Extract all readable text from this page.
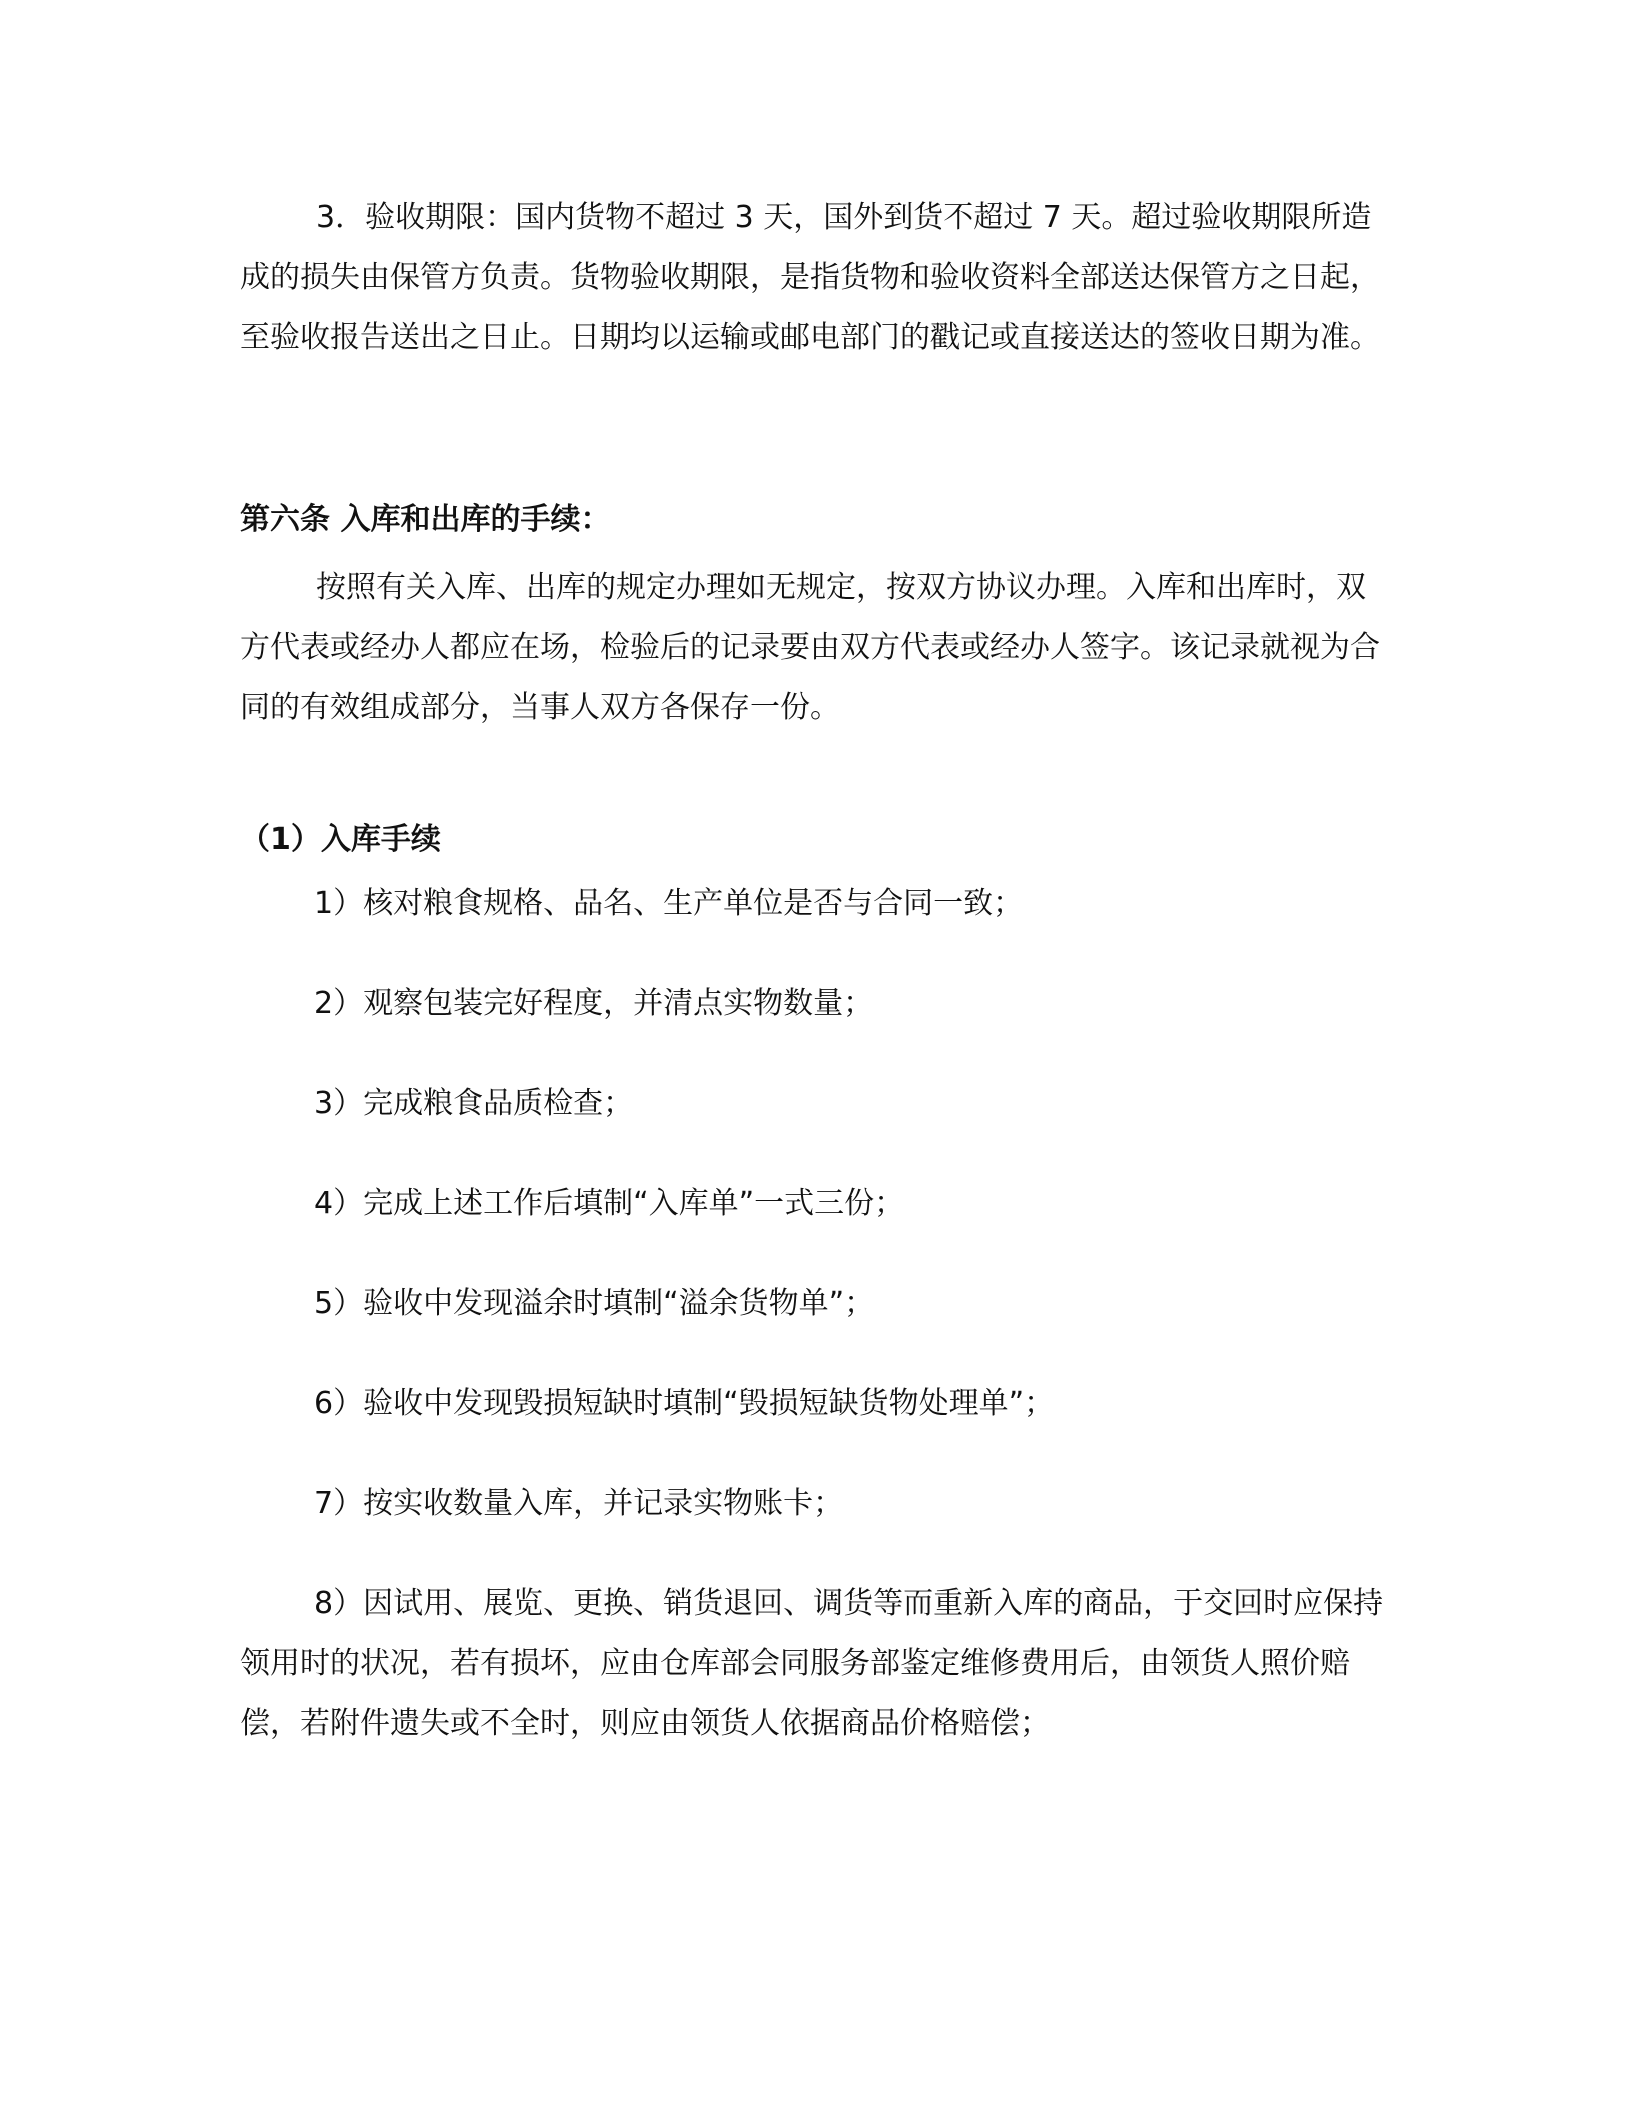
3．验收期限：国内货物不超过 3 天，国外到货不超过 7 天。超过验收期限所造成的损失由保管方负责。货物验收期限，是指货物和验收资料全部送达保管方之日起，至验收报告送出之日止。日期均以运输或邮电部门的戳记或直接送达的签收日期为准。

第六条 入库和出库的手续：

按照有关入库、出库的规定办理如无规定，按双方协议办理。入库和出库时，双方代表或经办人都应在场，检验后的记录要由双方代表或经办人签字。该记录就视为合同的有效组成部分，当事人双方各保存一份。

（1）入库手续

1）核对粮食规格、品名、生产单位是否与合同一致；

2）观察包装完好程度，并清点实物数量；

3）完成粮食品质检查；

4）完成上述工作后填制“入库单”一式三份；

5）验收中发现溢余时填制“溢余货物单”；

6）验收中发现毁损短缺时填制“毁损短缺货物处理单”；

7）按实收数量入库，并记录实物账卡；

8）因试用、展览、更换、销货退回、调货等而重新入库的商品，于交回时应保持领用时的状况，若有损坏，应由仓库部会同服务部鉴定维修费用后，由领货人照价赔偿，若附件遗失或不全时，则应由领货人依据商品价格赔偿；
